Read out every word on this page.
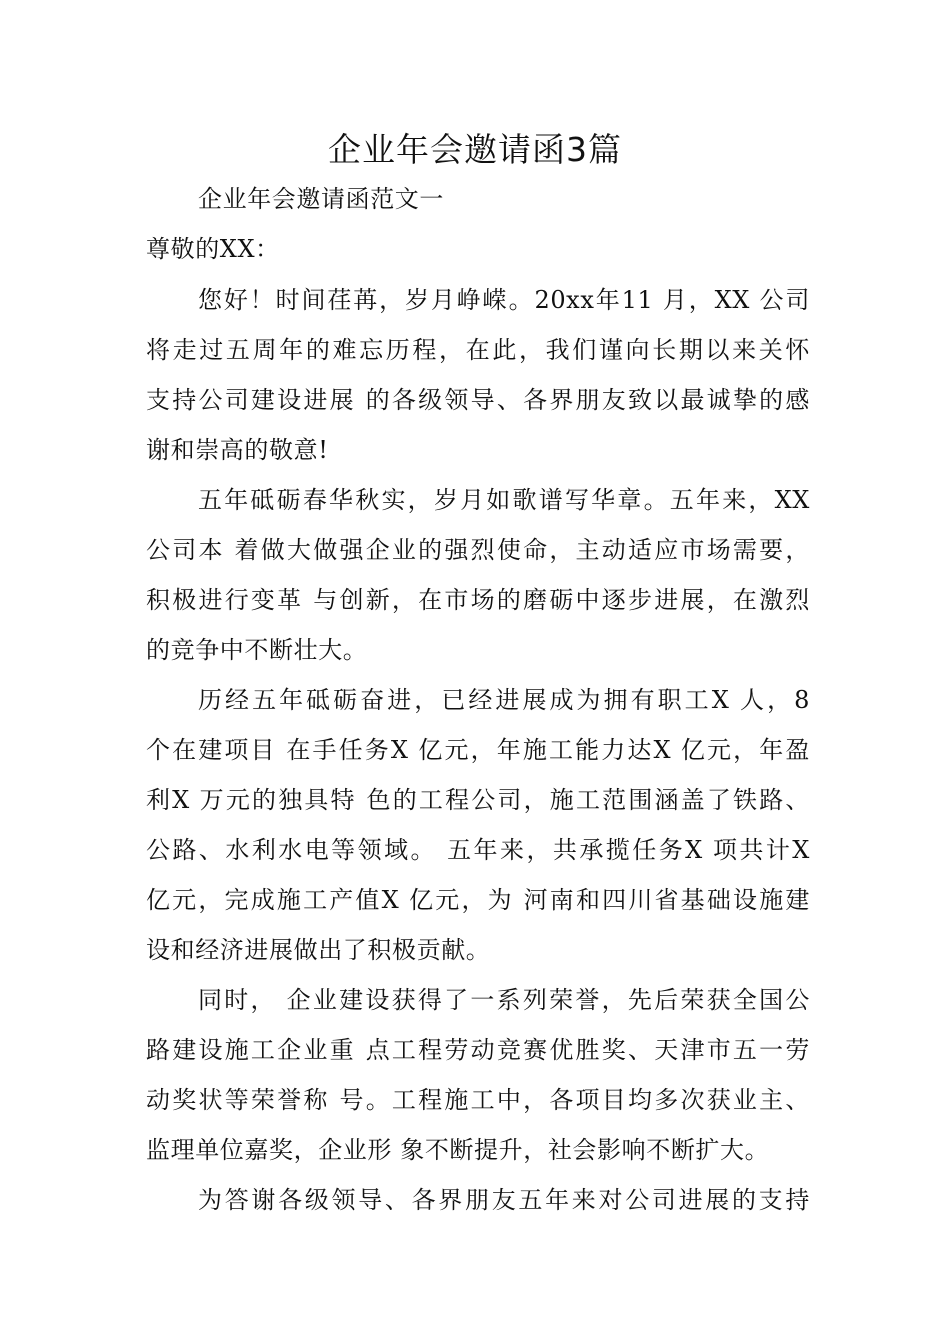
企业年会邀请函3篇
企业年会邀请函范文一
尊敬的XX：
您好！时间荏苒，岁月峥嵘。20xx年11 月，XX 公司
将走过五周年的难忘历程，在此，我们谨向长期以来关怀
支持公司建设进展 的各级领导、各界朋友致以最诚挚的感
谢和崇高的敬意!
五年砥砺春华秋实，岁月如歌谱写华章。五年来，XX
公司本 着做大做强企业的强烈使命，主动适应市场需要，
积极进行变革 与创新，在市场的磨砺中逐步进展，在激烈
的竞争中不断壮大。
历经五年砥砺奋进，已经进展成为拥有职工X 人，8
个在建项目 在手任务X 亿元，年施工能力达X 亿元，年盈
利X 万元的独具特 色的工程公司，施工范围涵盖了铁路、
公路、水利水电等领域。 五年来，共承揽任务X 项共计X
亿元，完成施工产值X 亿元，为 河南和四川省基础设施建
设和经济进展做出了积极贡献。
同时， 企业建设获得了一系列荣誉，先后荣获全国公
路建设施工企业重 点工程劳动竞赛优胜奖、天津市五一劳
动奖状等荣誉称 号。工程施工中，各项目均多次获业主、
监理单位嘉奖，企业形 象不断提升，社会影响不断扩大。
为答谢各级领导、各界朋友五年来对公司进展的支持
